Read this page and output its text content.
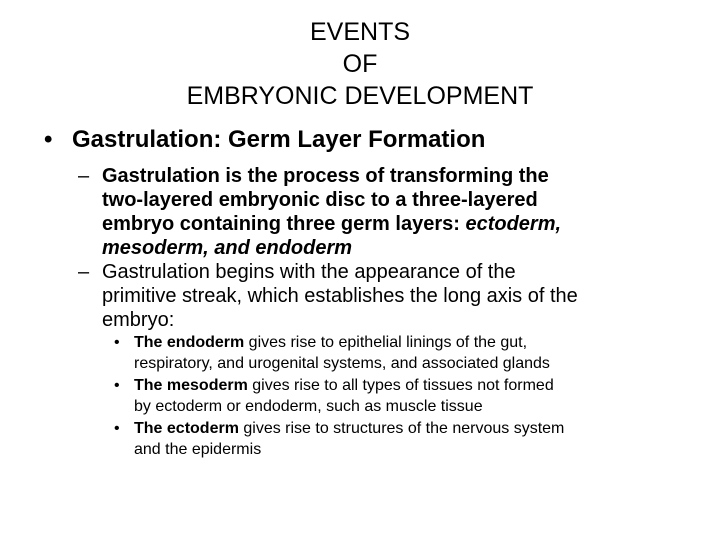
EVENTS
OF
EMBRYONIC DEVELOPMENT
• Gastrulation: Germ Layer Formation
– Gastrulation is the process of transforming the
two-layered embryonic disc to a three-layered
embryo containing three germ layers: ectoderm,
mesoderm, and endoderm
– Gastrulation begins with the appearance of the
primitive streak, which establishes the long axis of the
embryo:
• The endoderm gives rise to epithelial linings of the gut,
respiratory, and urogenital systems, and associated glands
• The mesoderm gives rise to all types of tissues not formed
by ectoderm or endoderm, such as muscle tissue
• The ectoderm gives rise to structures of the nervous system
and the epidermis
